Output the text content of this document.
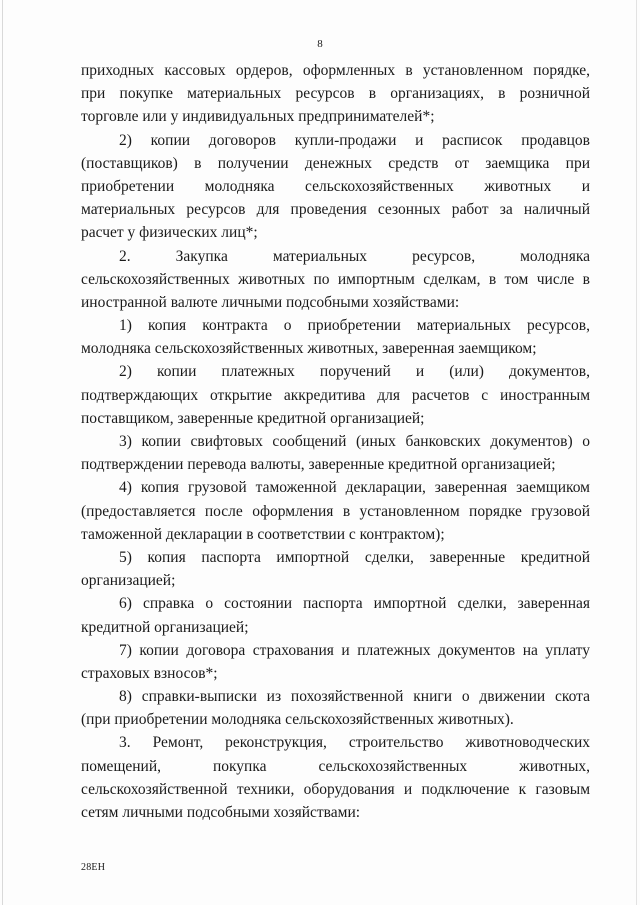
8
приходных кассовых ордеров, оформленных в установленном порядке,
при покупке материальных ресурсов в организациях, в розничной
торговле или у индивидуальных предпринимателей*;
2) копии договоров купли-продажи и расписок продавцов
(поставщиков) в получении денежных средств от заемщика при
приобретении молодняка сельскохозяйственных животных и
материальных ресурсов для проведения сезонных работ за наличный
расчет у физических лиц*;
2. Закупка материальных ресурсов, молодняка
сельскохозяйственных животных по импортным сделкам, в том числе в
иностранной валюте личными подсобными хозяйствами:
1) копия контракта о приобретении материальных ресурсов,
молодняка сельскохозяйственных животных, заверенная заемщиком;
2) копии платежных поручений и (или) документов,
подтверждающих открытие аккредитива для расчетов с иностранным
поставщиком, заверенные кредитной организацией;
3) копии свифтовых сообщений (иных банковских документов) о
подтверждении перевода валюты, заверенные кредитной организацией;
4) копия грузовой таможенной декларации, заверенная заемщиком
(предоставляется после оформления в установленном порядке грузовой
таможенной декларации в соответствии с контрактом);
5) копия паспорта импортной сделки, заверенные кредитной
организацией;
6) справка о состоянии паспорта импортной сделки, заверенная
кредитной организацией;
7) копии договора страхования и платежных документов на уплату
страховых взносов*;
8) справки-выписки из похозяйственной книги о движении скота
(при приобретении молодняка сельскохозяйственных животных).
3. Ремонт, реконструкция, строительство животноводческих
помещений, покупка сельскохозяйственных животных,
сельскохозяйственной техники, оборудования и подключение к газовым
сетям личными подсобными хозяйствами:
28ЕН
